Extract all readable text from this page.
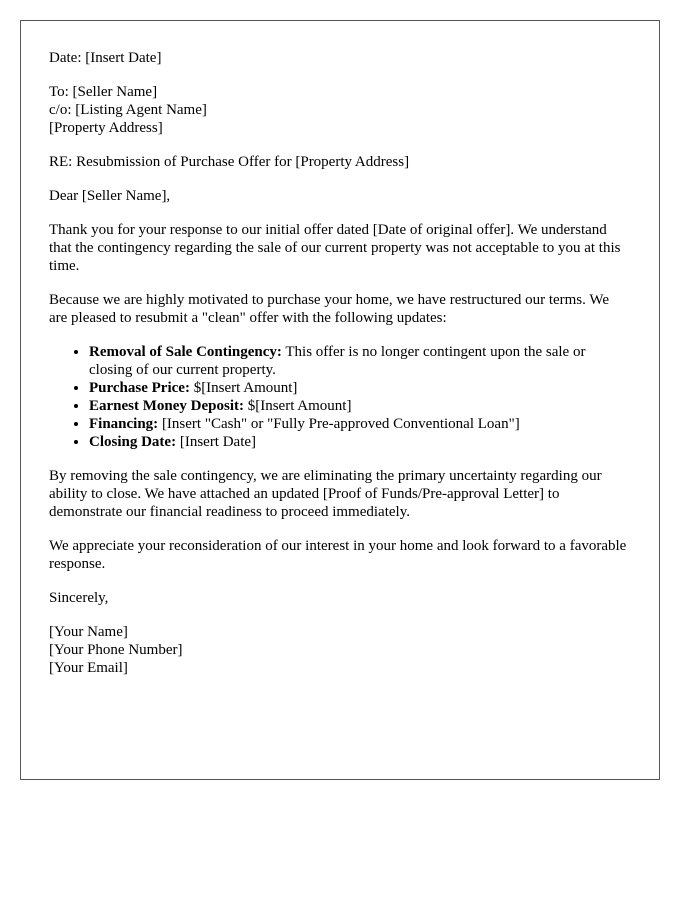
Date: [Insert Date]

To: [Seller Name]
c/o: [Listing Agent Name]
[Property Address]

RE: Resubmission of Purchase Offer for [Property Address]

Dear [Seller Name],

Thank you for your response to our initial offer dated [Date of original offer]. We understand that the contingency regarding the sale of our current property was not acceptable to you at this time.

Because we are highly motivated to purchase your home, we have restructured our terms. We are pleased to resubmit a "clean" offer with the following updates:

• Removal of Sale Contingency: This offer is no longer contingent upon the sale or closing of our current property.
• Purchase Price: $[Insert Amount]
• Earnest Money Deposit: $[Insert Amount]
• Financing: [Insert "Cash" or "Fully Pre-approved Conventional Loan"]
• Closing Date: [Insert Date]

By removing the sale contingency, we are eliminating the primary uncertainty regarding our ability to close. We have attached an updated [Proof of Funds/Pre-approval Letter] to demonstrate our financial readiness to proceed immediately.

We appreciate your reconsideration of our interest in your home and look forward to a favorable response.

Sincerely,

[Your Name]
[Your Phone Number]
[Your Email]
